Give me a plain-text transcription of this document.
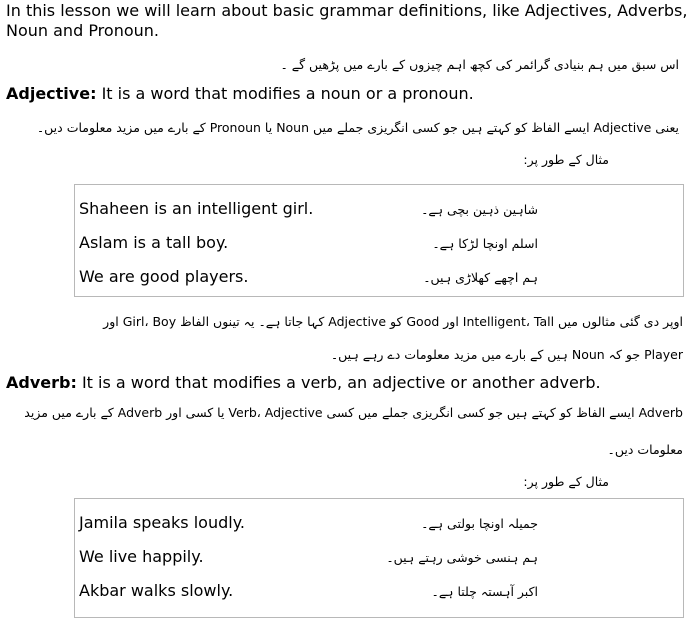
In this lesson we will learn about basic grammar definitions, like Adjectives, Adverbs,
Noun and Pronoun.
اس سبق میں ہم بنیادی گرائمر کی کچھ اہم چیزوں کے بارے میں پڑھیں گے ۔
Adjective: It is a word that modifies a noun or a pronoun.
یعنی Adjective ایسے الفاظ کو کہتے ہیں جو کسی انگریزی جملے میں Noun یا Pronoun کے بارے میں مزید معلومات دیں۔
مثال کے طور پر:
Shaheen is an intelligent girl.	شاہین ذہین بچی ہے۔
Aslam is a tall boy.	اسلم اونچا لڑکا ہے۔
We are good players.	ہم اچھے کھلاڑی ہیں۔
اوپر دی گئی مثالوں میں Intelligent، Tall اور Good کو Adjective کہا جاتا ہے۔ یہ تینوں الفاظ Girl، Boy اور
Player جو کہ Noun ہیں کے بارے میں مزید معلومات دے رہے ہیں۔
Adverb: It is a word that modifies a verb, an adjective or another adverb.
Adverb ایسے الفاظ کو کہتے ہیں جو کسی انگریزی جملے میں کسی Verb، Adjective یا کسی اور Adverb کے بارے میں مزید
معلومات دیں۔
مثال کے طور پر:
Jamila speaks loudly.	جمیلہ اونچا بولتی ہے۔
We live happily.	ہم ہنسی خوشی رہتے ہیں۔
Akbar walks slowly.	اکبر آہستہ چلتا ہے۔
